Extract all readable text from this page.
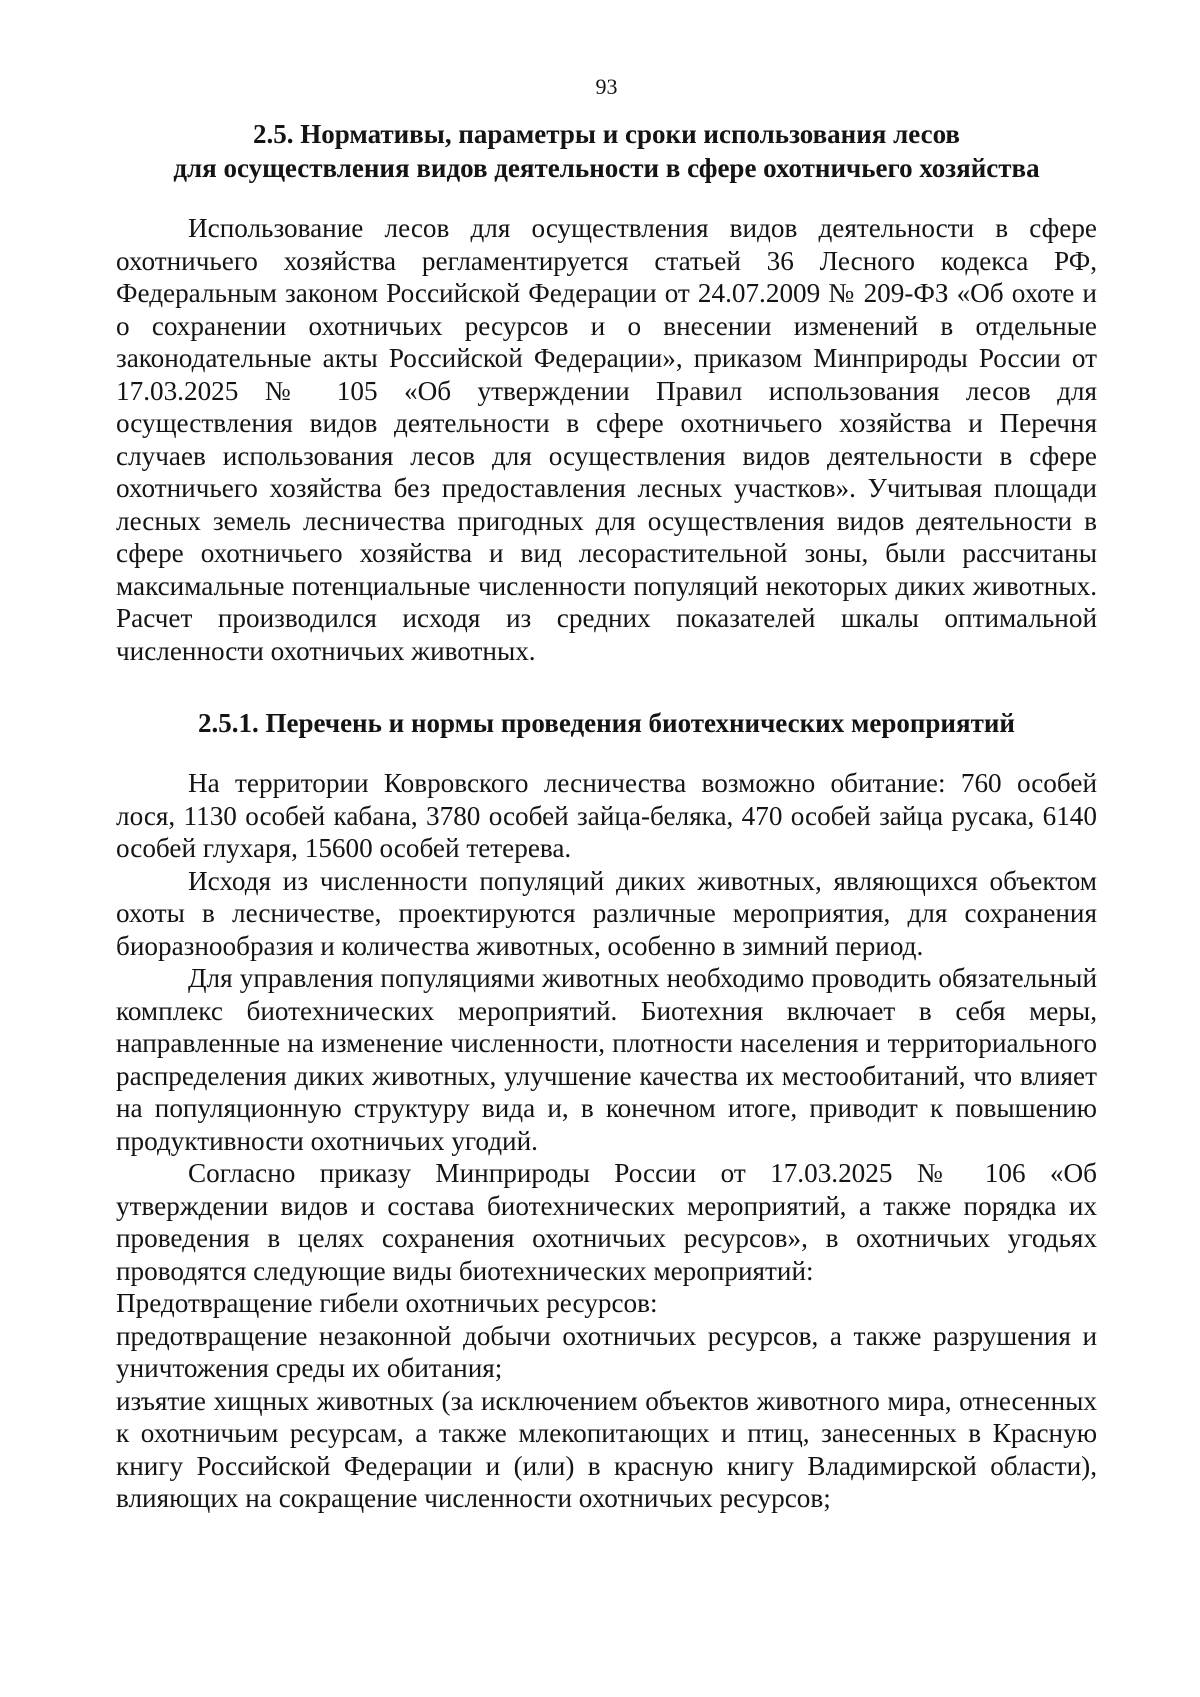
93
2.5. Нормативы, параметры и сроки использования лесов
для осуществления видов деятельности в сфере охотничьего хозяйства

Использование лесов для осуществления видов деятельности в сфере охотничьего хозяйства регламентируется статьей 36 Лесного кодекса РФ, Федеральным законом Российской Федерации от 24.07.2009 № 209-ФЗ «Об охоте и о сохранении охотничьих ресурсов и о внесении изменений в отдельные законодательные акты Российской Федерации», приказом Минприроды России от 17.03.2025 № 105 «Об утверждении Правил использования лесов для осуществления видов деятельности в сфере охотничьего хозяйства и Перечня случаев использования лесов для осуществления видов деятельности в сфере охотничьего хозяйства без предоставления лесных участков». Учитывая площади лесных земель лесничества пригодных для осуществления видов деятельности в сфере охотничьего хозяйства и вид лесорастительной зоны, были рассчитаны максимальные потенциальные численности популяций некоторых диких животных. Расчет производился исходя из средних показателей шкалы оптимальной численности охотничьих животных.

2.5.1. Перечень и нормы проведения биотехнических мероприятий

На территории Ковровского лесничества возможно обитание: 760 особей лося, 1130 особей кабана, 3780 особей зайца-беляка, 470 особей зайца русака, 6140 особей глухаря, 15600 особей тетерева.

Исходя из численности популяций диких животных, являющихся объектом охоты в лесничестве, проектируются различные мероприятия, для сохранения биоразнообразия и количества животных, особенно в зимний период.

Для управления популяциями животных необходимо проводить обязательный комплекс биотехнических мероприятий. Биотехния включает в себя меры, направленные на изменение численности, плотности населения и территориального распределения диких животных, улучшение качества их местообитаний, что влияет на популяционную структуру вида и, в конечном итоге, приводит к повышению продуктивности охотничьих угодий.

Согласно приказу Минприроды России от 17.03.2025 № 106 «Об утверждении видов и состава биотехнических мероприятий, а также порядка их проведения в целях сохранения охотничьих ресурсов», в охотничьих угодьях проводятся следующие виды биотехнических мероприятий:

Предотвращение гибели охотничьих ресурсов:

предотвращение незаконной добычи охотничьих ресурсов, а также разрушения и уничтожения среды их обитания;

изъятие хищных животных (за исключением объектов животного мира, отнесенных к охотничьим ресурсам, а также млекопитающих и птиц, занесенных в Красную книгу Российской Федерации и (или) в красную книгу Владимирской области), влияющих на сокращение численности охотничьих ресурсов;
